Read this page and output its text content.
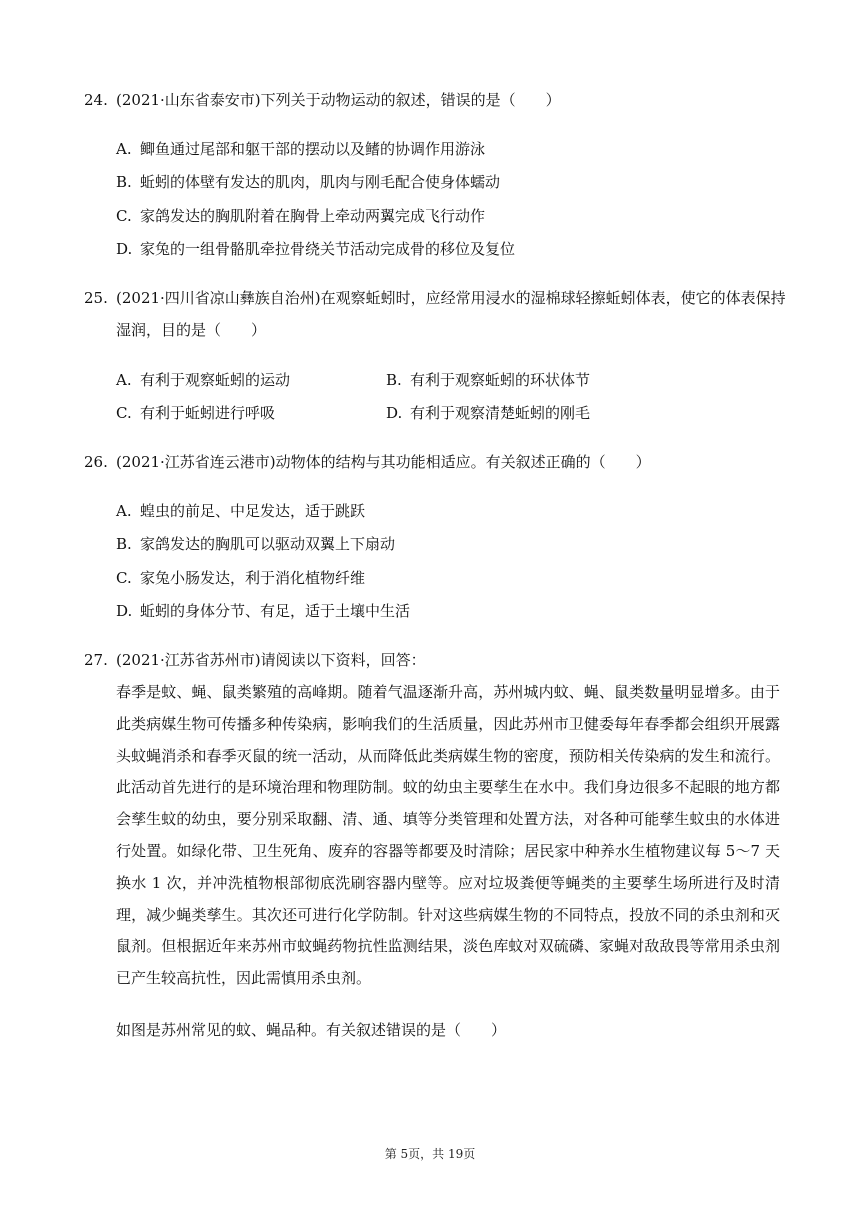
24. (2021·山东省泰安市)下列关于动物运动的叙述，错误的是（　　）
A. 鲫鱼通过尾部和躯干部的摆动以及鳍的协调作用游泳
B. 蚯蚓的体壁有发达的肌肉，肌肉与刚毛配合使身体蠕动
C. 家鸽发达的胸肌附着在胸骨上牵动两翼完成飞行动作
D. 家兔的一组骨骼肌牵拉骨绕关节活动完成骨的移位及复位
25. (2021·四川省凉山彝族自治州)在观察蚯蚓时，应经常用浸水的湿棉球轻擦蚯蚓体表，使它的体表保持
湿润，目的是（　　）
A. 有利于观察蚯蚓的运动	B. 有利于观察蚯蚓的环状体节
C. 有利于蚯蚓进行呼吸	D. 有利于观察清楚蚯蚓的刚毛
26. (2021·江苏省连云港市)动物体的结构与其功能相适应。有关叙述正确的（　　）
A. 蝗虫的前足、中足发达，适于跳跃
B. 家鸽发达的胸肌可以驱动双翼上下扇动
C. 家兔小肠发达，利于消化植物纤维
D. 蚯蚓的身体分节、有足，适于土壤中生活
27. (2021·江苏省苏州市)请阅读以下资料，回答：
春季是蚊、蝇、鼠类繁殖的高峰期。随着气温逐渐升高，苏州城内蚊、蝇、鼠类数量明显增多。由于此类病媒生物可传播多种传染病，影响我们的生活质量，因此苏州市卫健委每年春季都会组织开展露头蚊蝇消杀和春季灭鼠的统一活动，从而降低此类病媒生物的密度，预防相关传染病的发生和流行。此活动首先进行的是环境治理和物理防制。蚊的幼虫主要孳生在水中。我们身边很多不起眼的地方都会孳生蚊的幼虫，要分别采取翻、清、通、填等分类管理和处置方法，对各种可能孳生蚊虫的水体进行处置。如绿化带、卫生死角、废弃的容器等都要及时清除；居民家中种养水生植物建议每 5～7 天换水 1 次，并冲洗植物根部彻底洗刷容器内壁等。应对垃圾粪便等蝇类的主要孳生场所进行及时清理，减少蝇类孳生。其次还可进行化学防制。针对这些病媒生物的不同特点，投放不同的杀虫剂和灭鼠剂。但根据近年来苏州市蚊蝇药物抗性监测结果，淡色库蚊对双硫磷、家蝇对敌敌畏等常用杀虫剂已产生较高抗性，因此需慎用杀虫剂。
如图是苏州常见的蚊、蝇品种。有关叙述错误的是（　　）
第 5页，共 19页
